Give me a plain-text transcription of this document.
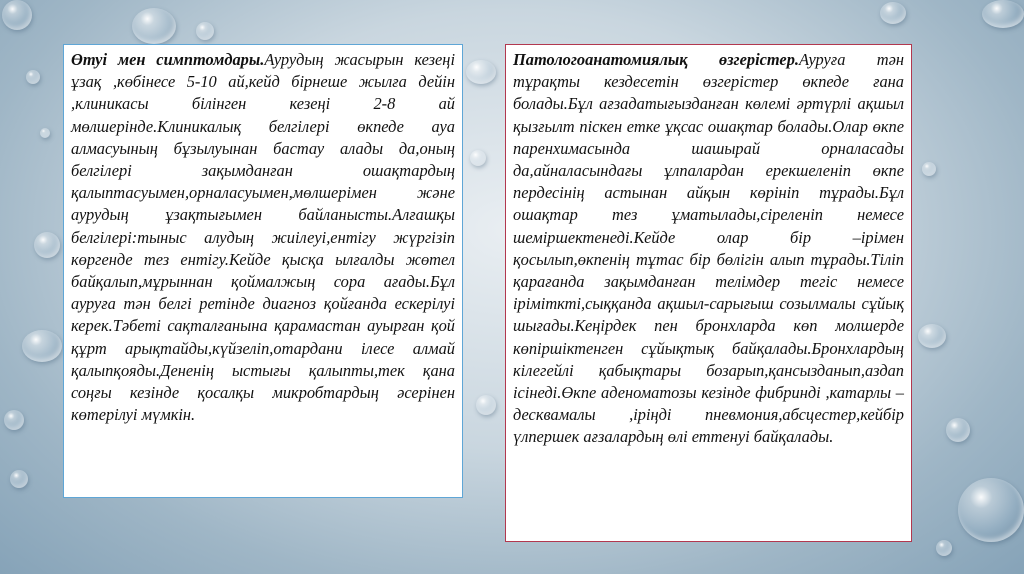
Өтуі мен симптомдары.Аурудың жасырын кезеңі ұзақ ,көбінесе 5-10 ай,кейд бірнеше жылға дейін ,клиникасы білінген кезеңі 2-8 ай мөлшерінде.Клиникалық белгілері өкпеде ауа алмасуының бұзылуынан бастау алады да,оның белгілері зақымданған ошақтардың қалыптасуымен,орналасуымен,мөлшерімен және аурудың ұзақтығымен байланысты.Алғашқы белгілері:тыныс алудың жиілеуі,ентігу жүргізіп көргенде тез ентігу.Кейде қысқа ылғалды жөтел байқалып,мұрыннан қоймалжың сора ағады.Бұл ауруға тән белгі ретінде диагноз қойғанда ескерілуі керек.Тәбеті сақталғанына қарамастан ауырған қой құрт арықтайды,күйзеліп,отардани ілесе алмай қалыпқояды.Дененің ыстығы қалыпты,тек қана соңғы кезінде қосалқы микробтардың әсерінен көтерілуі мүмкін.
Патологоанатомиялық өзгерістер.Ауруға тән тұрақты кездесетін өзгерістер өкпеде ғана болады.Бұл ағзадатығызданған көлемі әртүрлі ақшыл қызғылт піскен етке ұқсас ошақтар болады.Олар өкпе паренхимасында шашырай орналасады да,айналасындағы ұлпалардан ерекшеленіп өкпе пердесінің астынан айқын көрініп тұрады.Бұл ошақтар тез ұматылады,сіреленіп немесе шеміршектенеді.Кейде олар бір –ірімен қосылып,өкпенің тұтас бір бөлігін алып тұрады.Тіліп қарағанда зақымданған телімдер тегіс немесе іріміткті,сыққанда ақшыл-сарығыш созылмалы сұйық шығады.Кеңірдек пен бронхларда көп молшерде көпіршіктенген сұйықтық байқалады.Бронхлардың кілегейлі қабықтары бозарып,қансызданып,аздап ісінеді.Өкпе аденоматозы кезінде фибринді ,катарлы –десквамалы ,іріңді пневмония,абсцестер,кейбір үлпершек ағзалардың өлі еттенуі байқалады.
